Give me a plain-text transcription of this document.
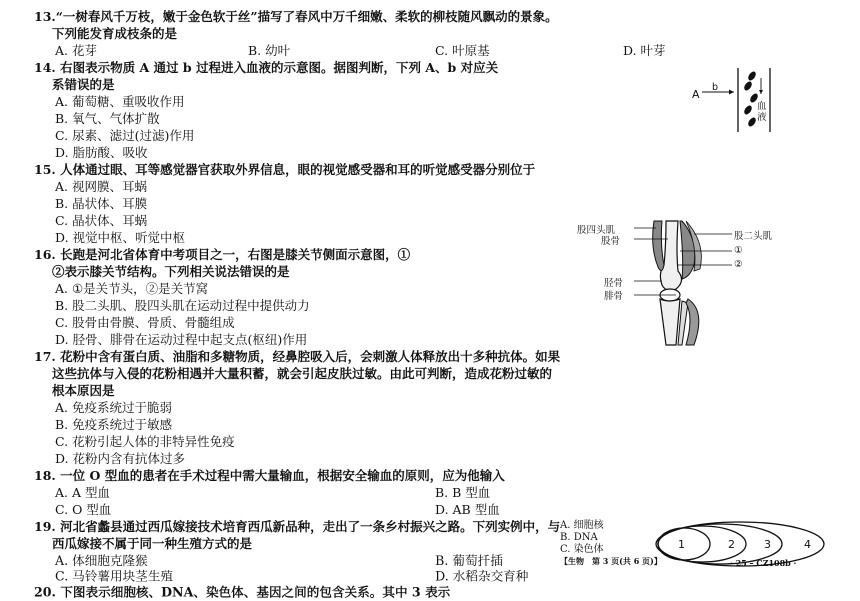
13.“一树春风千万枝，嫩于金色软于丝”描写了春风中万千细嫩、柔软的柳枝随风飘动的景象。
下列能发育成枝条的是
A. 花芽	B. 幼叶	C. 叶原基	D. 叶芽
14. 右图表示物质 A 通过 b 过程进入血液的示意图。据图判断，下列 A、b 对应关
系错误的是
A. 葡萄糖、重吸收作用
B. 氧气、气体扩散
C. 尿素、滤过(过滤)作用
D. 脂肪酸、吸收
A
b
血
液
15. 人体通过眼、耳等感觉器官获取外界信息，眼的视觉感受器和耳的听觉感受器分别位于
A. 视网膜、耳蜗
B. 晶状体、耳膜
C. 晶状体、耳蜗
D. 视觉中枢、听觉中枢
16. 长跑是河北省体育中考项目之一，右图是膝关节侧面示意图，①
②表示膝关节结构。下列相关说法错误的是
A. ①是关节头，②是关节窝
B. 股二头肌、股四头肌在运动过程中提供动力
C. 股骨由骨膜、骨质、骨髓组成
D. 胫骨、腓骨在运动过程中起支点(枢纽)作用
股四头肌
股骨	股二头肌
①
②
胫骨
腓骨
17. 花粉中含有蛋白质、油脂和多糖物质，经鼻腔吸入后，会刺激人体释放出十多种抗体。如果
这些抗体与入侵的花粉相遇并大量积蓄，就会引起皮肤过敏。由此可判断，造成花粉过敏的
根本原因是
A. 免疫系统过于脆弱
B. 免疫系统过于敏感
C. 花粉引起人体的非特异性免疫
D. 花粉内含有抗体过多
18. 一位 O 型血的患者在手术过程中需大量输血，根据安全输血的原则，应为他输入
A. A 型血	B. B 型血
C. O 型血	D. AB 型血
19. 河北省蠡县通过西瓜嫁接技术培育西瓜新品种，走出了一条乡村振兴之路。下列实例中，与
西瓜嫁接不属于同一种生殖方式的是
A. 体细胞克隆猴	B. 葡萄扦插
C. 马铃薯用块茎生殖	D. 水稻杂交育种
20. 下图表示细胞核、DNA、染色体、基因之间的包含关系。其中 3 表示
1	2	3	4
A. 细胞核
B. DNA
C. 染色体
【生物　第 3 页(共 6 页)】	· 25 – CZ108b ·
